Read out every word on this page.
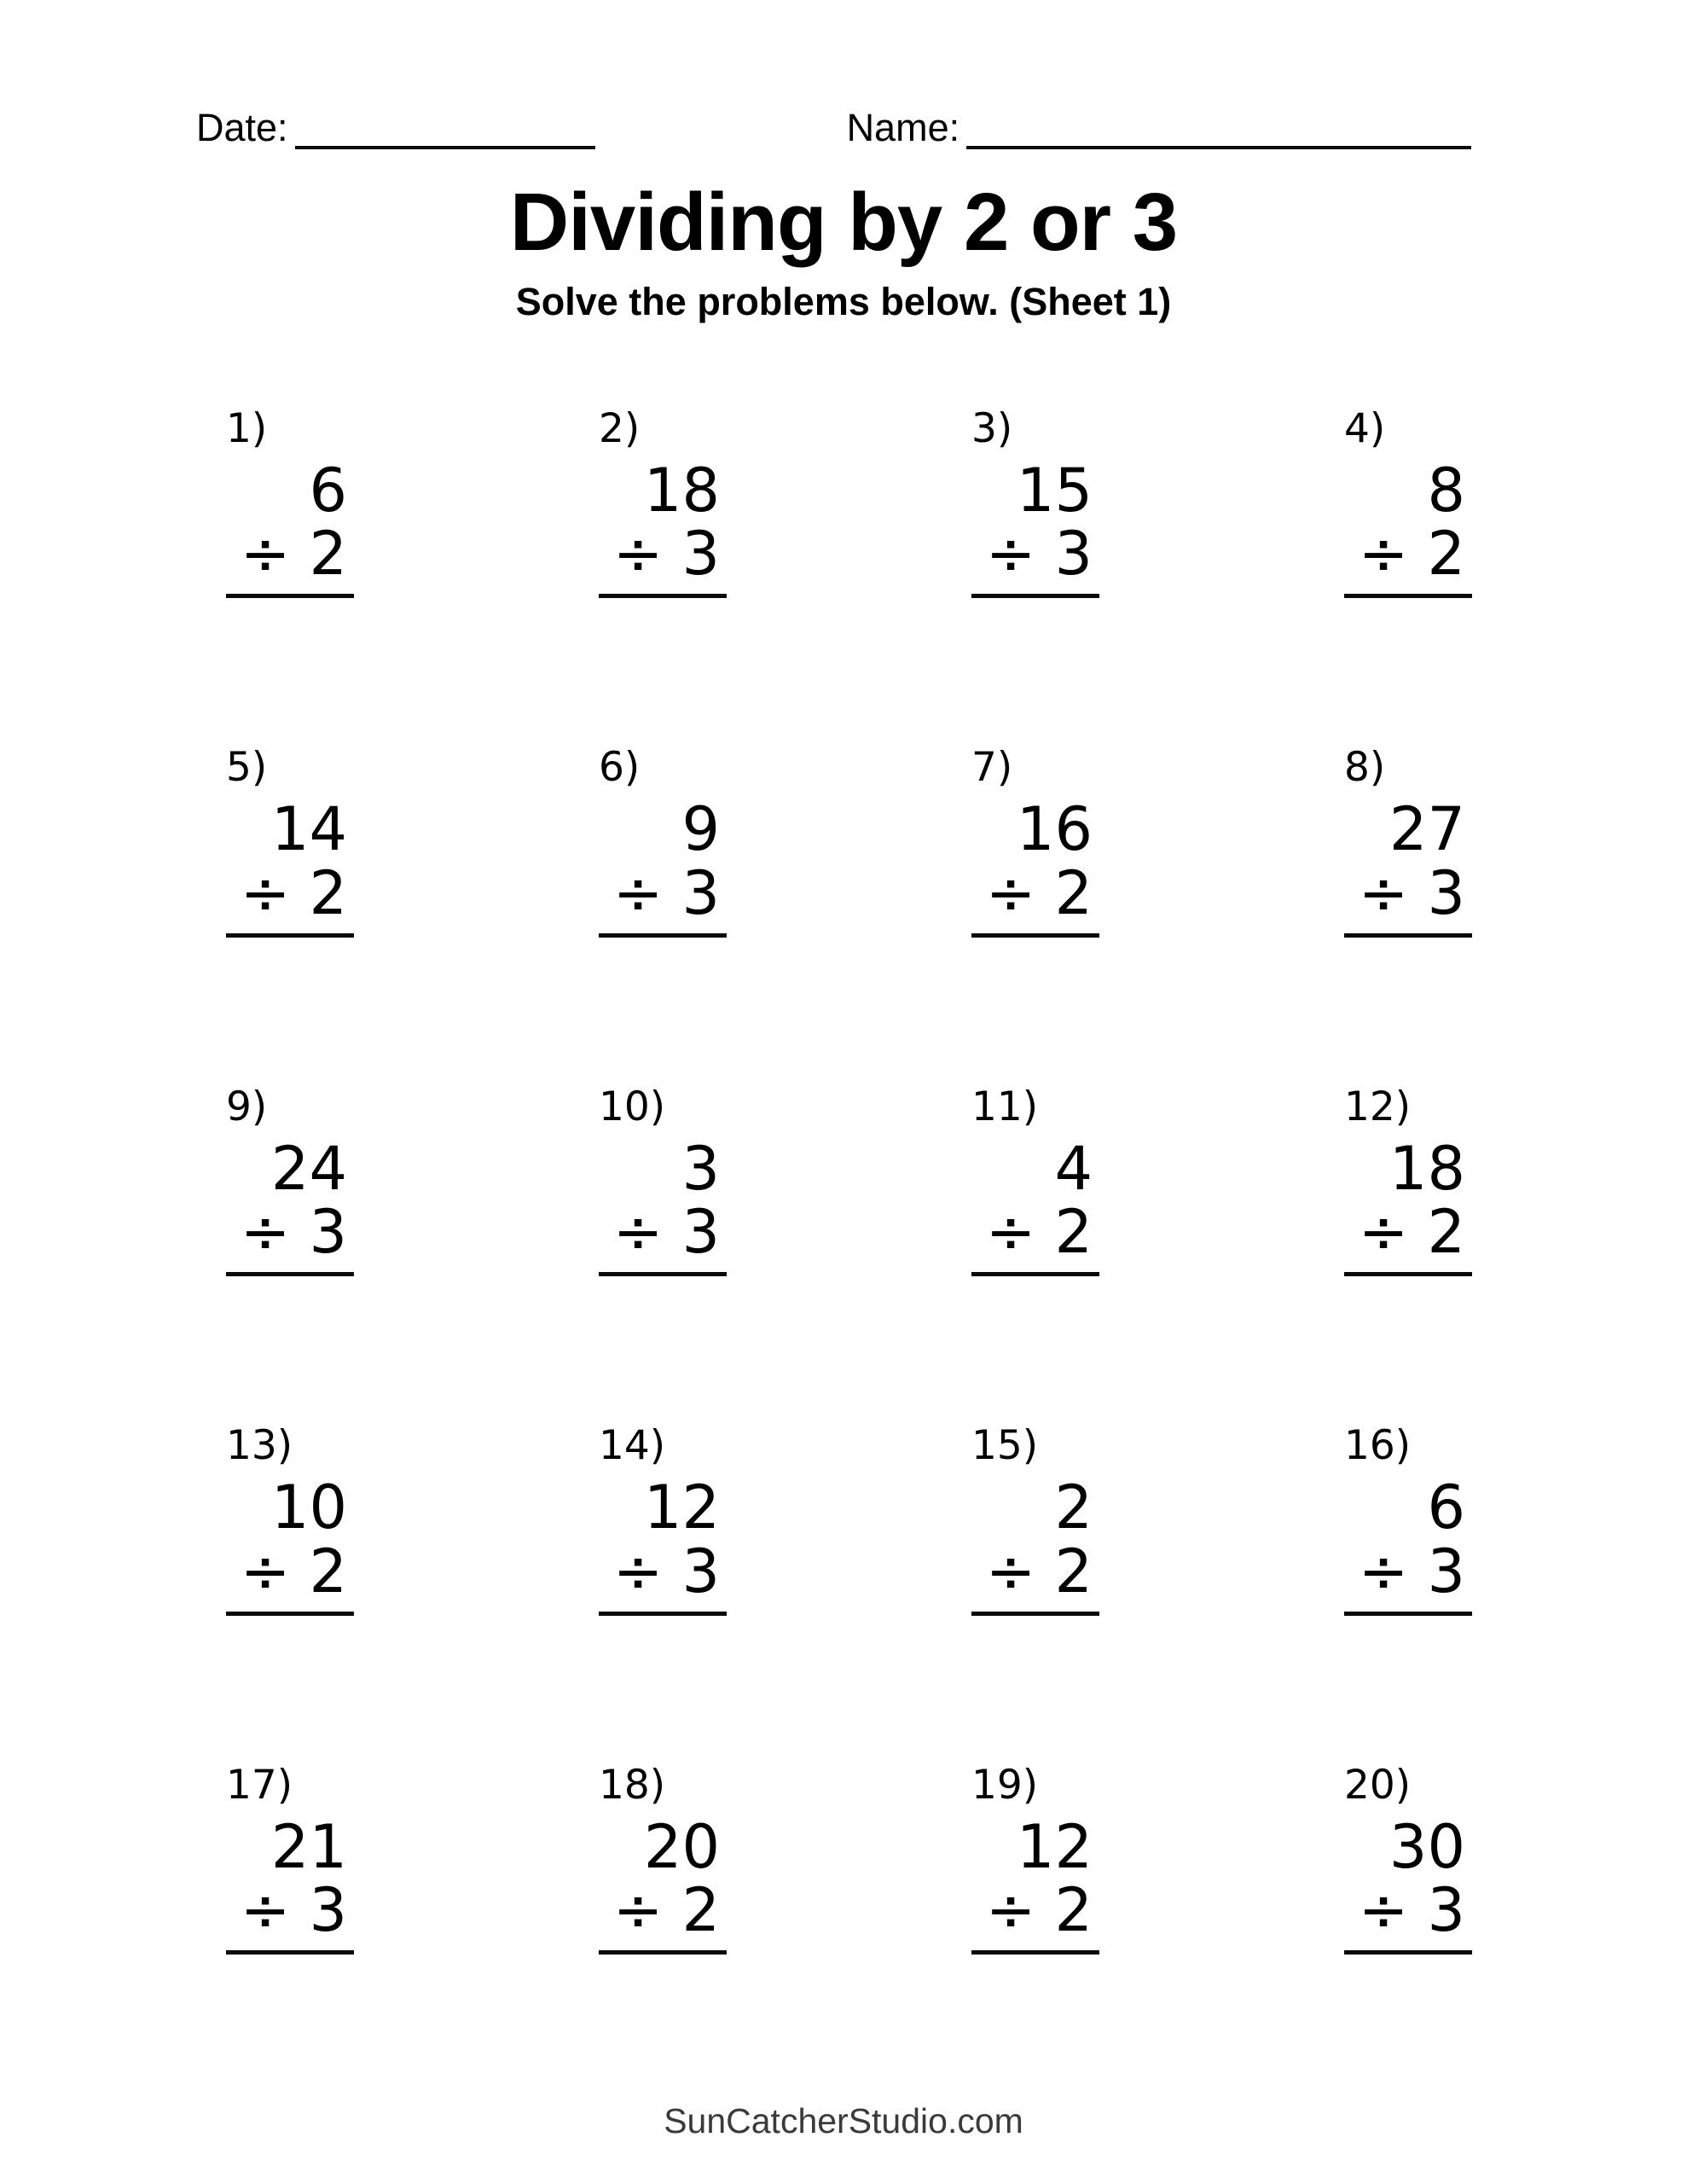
Date:	Name:
Dividing by 2 or 3
Solve the problems below. (Sheet 1)
1)
6
÷ 2
2)
18
÷ 3
3)
15
÷ 3
4)
8
÷ 2
5)
14
÷ 2
6)
9
÷ 3
7)
16
÷ 2
8)
27
÷ 3
9)
24
÷ 3
10)
3
÷ 3
11)
4
÷ 2
12)
18
÷ 2
13)
10
÷ 2
14)
12
÷ 3
15)
2
÷ 2
16)
6
÷ 3
17)
21
÷ 3
18)
20
÷ 2
19)
12
÷ 2
20)
30
÷ 3
SunCatcherStudio.com
